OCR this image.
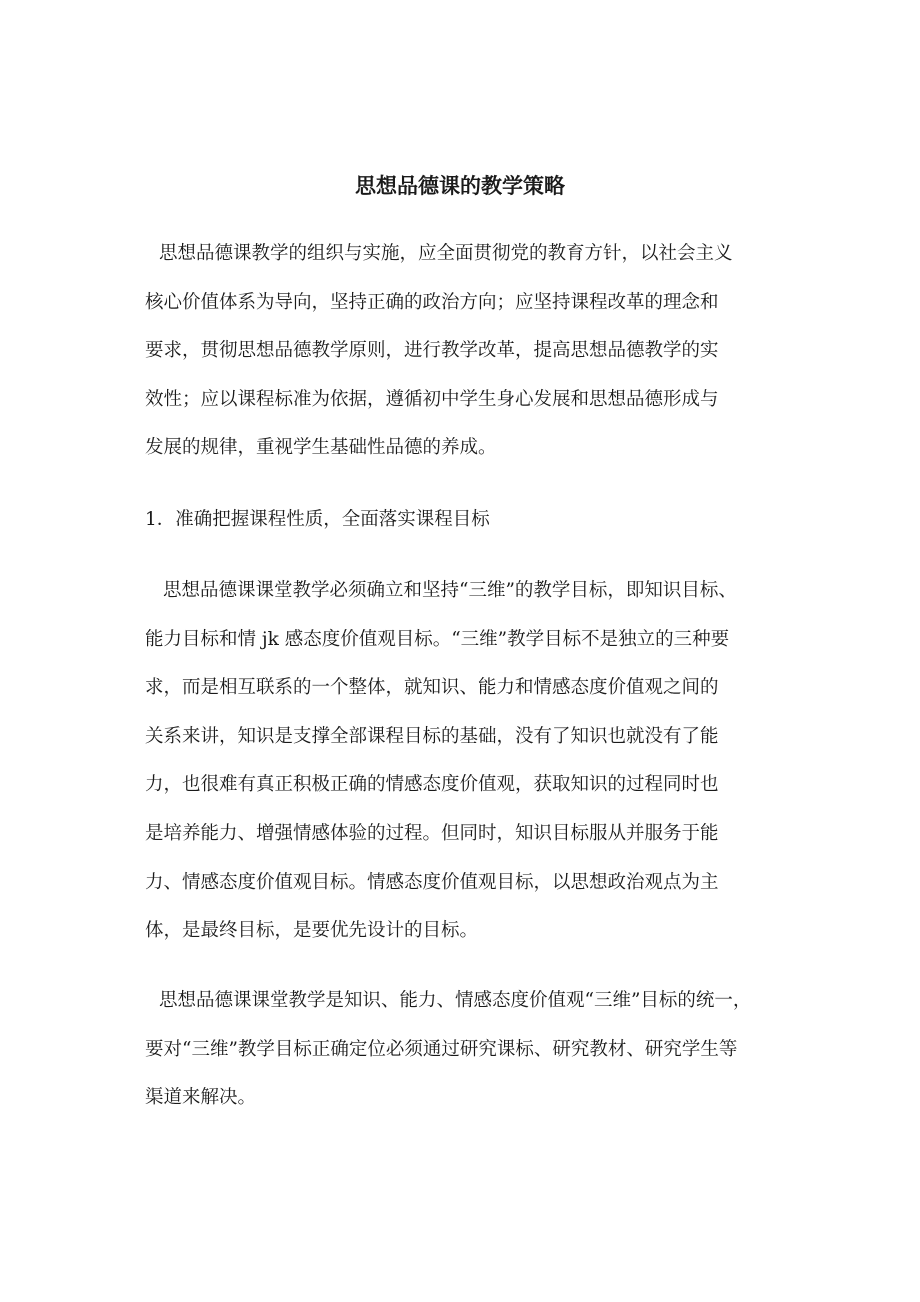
思想品德课的教学策略

思想品德课教学的组织与实施，应全面贯彻党的教育方针，以社会主义
核心价值体系为导向，坚持正确的政治方向；应坚持课程改革的理念和
要求，贯彻思想品德教学原则，进行教学改革，提高思想品德教学的实
效性；应以课程标准为依据，遵循初中学生身心发展和思想品德形成与
发展的规律，重视学生基础性品德的养成。

1．准确把握课程性质，全面落实课程目标

思想品德课课堂教学必须确立和坚持“三维”的教学目标，即知识目标、
能力目标和情 jk 感态度价值观目标。“三维”教学目标不是独立的三种要
求，而是相互联系的一个整体，就知识、能力和情感态度价值观之间的
关系来讲，知识是支撑全部课程目标的基础，没有了知识也就没有了能
力，也很难有真正积极正确的情感态度价值观，获取知识的过程同时也
是培养能力、增强情感体验的过程。但同时，知识目标服从并服务于能
力、情感态度价值观目标。情感态度价值观目标，以思想政治观点为主
体，是最终目标，是要优先设计的目标。

思想品德课课堂教学是知识、能力、情感态度价值观“三维”目标的统一，
要对“三维”教学目标正确定位必须通过研究课标、研究教材、研究学生等
渠道来解决。
